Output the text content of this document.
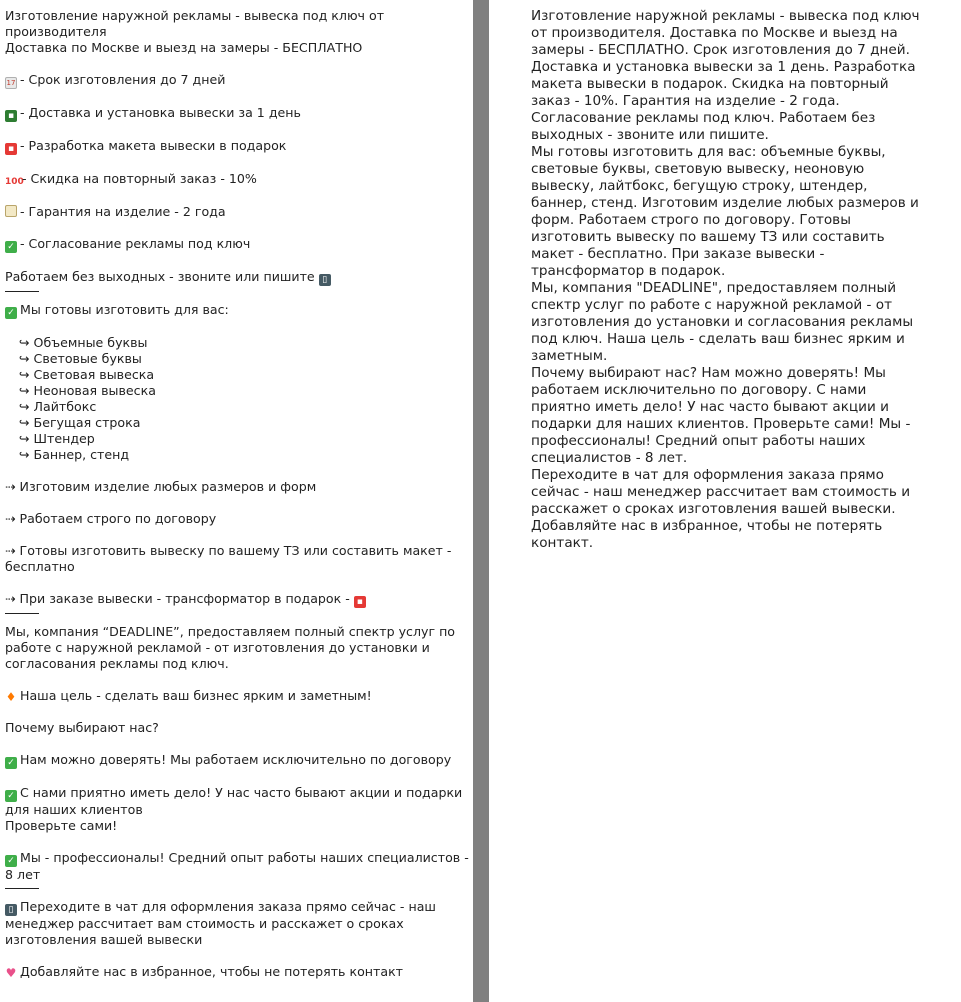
Изготовление наружной рекламы - вывеска под ключ от производителя
Доставка по Москве и выезд на замеры - БЕСПЛАТНО
17 - Срок изготовления до 7 дней
▪ - Доставка и установка вывески за 1 день
▪ - Разработка макета вывески в подарок
100- Скидка на повторный заказ - 10%
- Гарантия на изделие - 2 года
✓ - Согласование рекламы под ключ
Работаем без выходных - звоните или пишите ▯
✓ Мы готовы изготовить для вас:
↪ Объемные буквы
↪ Световые буквы
↪ Световая вывеска
↪ Неоновая вывеска
↪ Лайтбокс
↪ Бегущая строка
↪ Штендер
↪ Баннер, стенд
⇢ Изготовим изделие любых размеров и форм
⇢ Работаем строго по договору
⇢ Готовы изготовить вывеску по вашему ТЗ или составить макет - бесплатно
⇢ При заказе вывески - трансформатор в подарок - ▪
Мы, компания “DEADLINE”, предоставляем полный спектр услуг по работе с наружной рекламой - от изготовления до установки и согласования рекламы под ключ.
♦ Наша цель - сделать ваш бизнес ярким и заметным!
Почему выбирают нас?
✓ Нам можно доверять! Мы работаем исключительно по договору
✓ С нами приятно иметь дело! У нас часто бывают акции и подарки для наших клиентов
Проверьте сами!
✓ Мы - профессионалы! Средний опыт работы наших специалистов - 8 лет
▯ Переходите в чат для оформления заказа прямо сейчас - наш менеджер рассчитает вам стоимость и расскажет о сроках изготовления вашей вывески
♥ Добавляйте нас в избранное, чтобы не потерять контакт
Изготовление наружной рекламы - вывеска под ключ от производителя. Доставка по Москве и выезд на замеры - БЕСПЛАТНО. Срок изготовления до 7 дней. Доставка и установка вывески за 1 день. Разработка макета вывески в подарок. Скидка на повторный заказ - 10%. Гарантия на изделие - 2 года. Согласование рекламы под ключ. Работаем без выходных - звоните или пишите.
Мы готовы изготовить для вас: объемные буквы, световые буквы, световую вывеску, неоновую вывеску, лайтбокс, бегущую строку, штендер, баннер, стенд. Изготовим изделие любых размеров и форм. Работаем строго по договору. Готовы изготовить вывеску по вашему ТЗ или составить макет - бесплатно. При заказе вывески - трансформатор в подарок.
Мы, компания "DEADLINE", предоставляем полный спектр услуг по работе с наружной рекламой - от изготовления до установки и согласования рекламы под ключ. Наша цель - сделать ваш бизнес ярким и заметным.
Почему выбирают нас? Нам можно доверять! Мы работаем исключительно по договору. С нами приятно иметь дело! У нас часто бывают акции и подарки для наших клиентов. Проверьте сами! Мы - профессионалы! Средний опыт работы наших специалистов - 8 лет.
Переходите в чат для оформления заказа прямо сейчас - наш менеджер рассчитает вам стоимость и расскажет о сроках изготовления вашей вывески. Добавляйте нас в избранное, чтобы не потерять контакт.
